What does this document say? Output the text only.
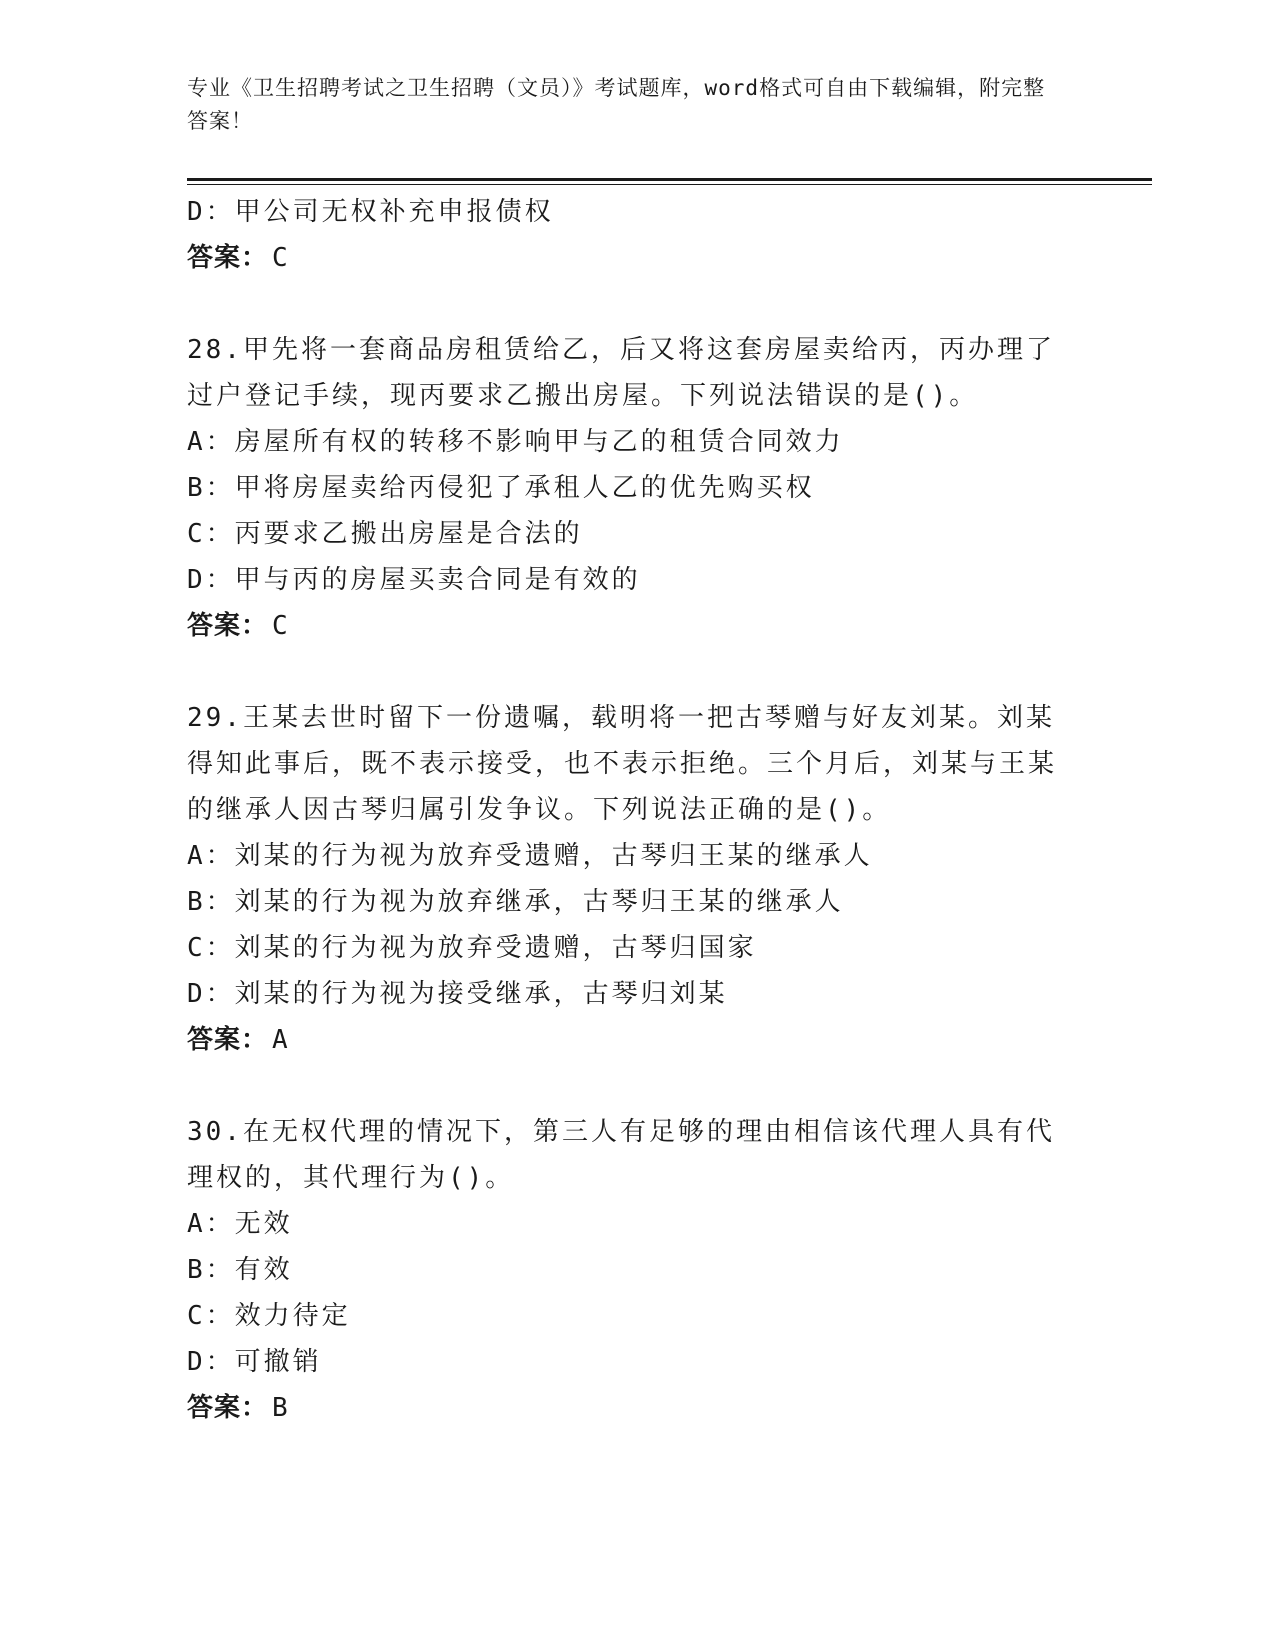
专业《卫生招聘考试之卫生招聘（文员）》考试题库，word格式可自由下载编辑，附完整答案！
D：甲公司无权补充申报债权
答案： C
28.甲先将一套商品房租赁给乙，后又将这套房屋卖给丙，丙办理了过户登记手续，现丙要求乙搬出房屋。下列说法错误的是()。
A：房屋所有权的转移不影响甲与乙的租赁合同效力
B：甲将房屋卖给丙侵犯了承租人乙的优先购买权
C：丙要求乙搬出房屋是合法的
D：甲与丙的房屋买卖合同是有效的
答案： C
29.王某去世时留下一份遗嘱，载明将一把古琴赠与好友刘某。刘某得知此事后，既不表示接受，也不表示拒绝。三个月后，刘某与王某的继承人因古琴归属引发争议。下列说法正确的是()。
A：刘某的行为视为放弃受遗赠，古琴归王某的继承人
B：刘某的行为视为放弃继承，古琴归王某的继承人
C：刘某的行为视为放弃受遗赠，古琴归国家
D：刘某的行为视为接受继承，古琴归刘某
答案： A
30.在无权代理的情况下，第三人有足够的理由相信该代理人具有代理权的，其代理行为()。
A：无效
B：有效
C：效力待定
D：可撤销
答案： B
